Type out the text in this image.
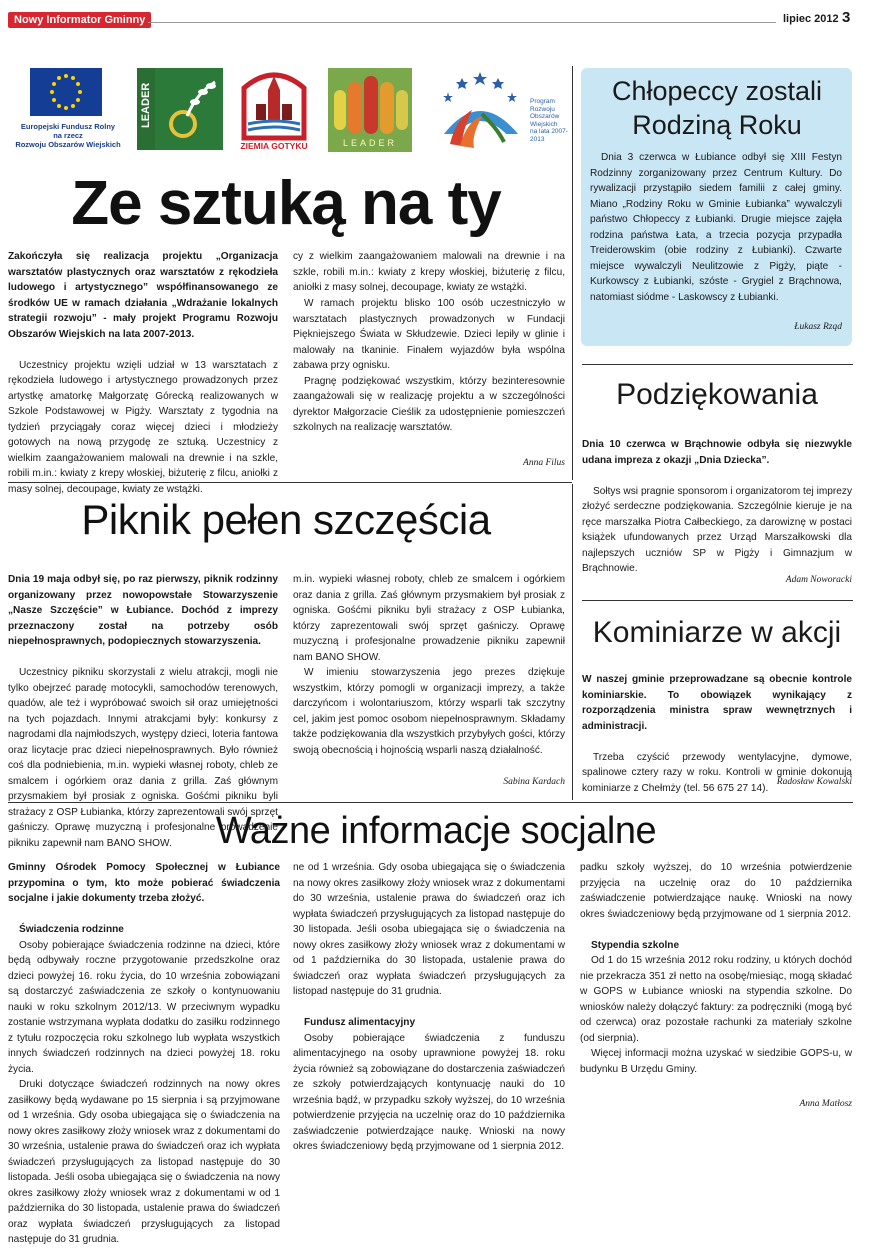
Nowy Informator Gminny	lipiec 2012 3
Europejski Fundusz Rolny
na rzecz
Rozwoju Obszarów Wiejskich
LEADER
ZIEMIA GOTYKU	LEADER
Program
Rozwoju
Obszarów
Wiejskich
na lata 2007-2013
Ze sztuką na ty

Zakończyła się realizacja projektu „Organizacja warsztatów plastycznych oraz warsztatów z rękodzieła ludowego i artystycznego” współfinansowanego ze środków UE w ramach działania „Wdrażanie lokalnych strategii rozwoju” - mały projekt Programu Rozwoju Obszarów Wiejskich na lata 2007-2013.

Uczestnicy projektu wzięli udział w 13 warsztatach z rękodzieła ludowego i artystycznego prowadzonych przez artystkę amatorkę Małgorzatę Górecką realizowanych w Szkole Podstawowej w Pigży. Warsztaty z tygodnia na tydzień przyciągały coraz więcej dzieci i młodzieży gotowych na nową przygodę ze sztuką. Uczestnicy z wielkim zaangażowaniem malowali na drewnie i na szkle, robili m.in.: kwiaty z krepy włoskiej, biżuterię z filcu, aniołki z masy solnej, decoupage, kwiaty ze wstążki.

cy z wielkim zaangażowaniem malowali na drewnie i na szkle, robili m.in.: kwiaty z krepy włoskiej, biżuterię z filcu, aniołki z masy solnej, decoupage, kwiaty ze wstążki.

W ramach projektu blisko 100 osób uczestniczyło w warsztatach plastycznych prowadzonych w Fundacji Piękniejszego Świata w Skłudzewie. Dzieci lepiły w glinie i malowały na tkaninie. Finałem wyjazdów była wspólna zabawa przy ognisku.

Pragnę podziękować wszystkim, którzy bezinteresownie zaangażowali się w realizację projektu a w szczególności dyrektor Małgorzacie Cieślik za udostępnienie pomieszczeń szkolnych na realizację warsztatów.

Anna Filus
Chłopeccy zostali Rodziną Roku

Dnia 3 czerwca w Łubiance odbył się XIII Festyn Rodzinny zorganizowany przez Centrum Kultury. Do rywalizacji przystąpiło siedem familii z całej gminy. Miano „Rodziny Roku w Gminie Łubianka” wywalczyli państwo Chłopeccy z Łubianki. Drugie miejsce zajęła rodzina państwa Łata, a trzecia pozycja przypadła Treiderowskim (obie rodziny z Łubianki). Czwarte miejsce wywalczyli Neulitzowie z Pigży, piąte - Kurkowscy z Łubianki, szóste - Grygiel z Brąchnowa, natomiast siódme - Laskowscy z Łubianki.

Łukasz Rząd
Podziękowania

Dnia 10 czerwca w Brąchnowie odbyła się niezwykle udana impreza z okazji „Dnia Dziecka”.

Sołtys wsi pragnie sponsorom i organizatorom tej imprezy złożyć serdeczne podziękowania. Szczególnie kieruje je na ręce marszałka Piotra Całbeckiego, za darowiznę w postaci książek ufundowanych przez Urząd Marszałkowski dla najlepszych uczniów SP w Pigży i Gimnazjum w Brąchnowie.

Adam Noworacki
Piknik pełen szczęścia

Dnia 19 maja odbył się, po raz pierwszy, piknik rodzinny organizowany przez nowopowstałe Stowarzyszenie „Nasze Szczęście” w Łubiance. Dochód z imprezy przeznaczony został na potrzeby osób niepełnosprawnych, podopiecznych stowarzyszenia.

Uczestnicy pikniku skorzystali z wielu atrakcji, mogli nie tylko obejrzeć paradę motocykli, samochodów terenowych, quadów, ale też i wypróbować swoich sił oraz umiejętności na tych pojazdach. Innymi atrakcjami były: konkursy z nagrodami dla najmłodszych, występy dzieci, loteria fantowa oraz licytacje prac dzieci niepełnosprawnych. Było również coś dla podniebienia, m.in. wypieki własnej roboty, chleb ze smalcem i ogórkiem oraz dania z grilla. Zaś głównym przysmakiem był prosiak z ogniska. Gośćmi pikniku byli strażacy z OSP Łubianka, którzy zaprezentowali swój sprzęt gaśniczy. Oprawę muzyczną i profesjonalne prowadzenie pikniku zapewnił nam BANO SHOW.

m.in. wypieki własnej roboty, chleb ze smalcem i ogórkiem oraz dania z grilla. Zaś głównym przysmakiem był prosiak z ogniska. Gośćmi pikniku byli strażacy z OSP Łubianka, którzy zaprezentowali swój sprzęt gaśniczy. Oprawę muzyczną i profesjonalne prowadzenie pikniku zapewnił nam BANO SHOW.

W imieniu stowarzyszenia jego prezes dziękuje wszystkim, którzy pomogli w organizacji imprezy, a także darczyńcom i wolontariuszom, którzy wsparli tak szczytny cel, jakim jest pomoc osobom niepełnosprawnym. Składamy także podziękowania dla wszystkich przybyłych gości, którzy swoją obecnością i hojnością wsparli naszą działalność.

Sabina Kardach
Kominiarze w akcji

W naszej gminie przeprowadzane są obecnie kontrole kominiarskie. To obowiązek wynikający z rozporządzenia ministra spraw wewnętrznych i administracji.

Trzeba czyścić przewody wentylacyjne, dymowe, spalinowe cztery razy w roku. Kontroli w gminie dokonują kominiarze z Chełmży (tel. 56 675 27 14).

Radosław Kowalski
Ważne informacje socjalne

Gminny Ośrodek Pomocy Społecznej w Łubiance przypomina o tym, kto może pobierać świadczenia socjalne i jakie dokumenty trzeba złożyć.

Świadczenia rodzinne

Osoby pobierające świadczenia rodzinne na dzieci, które będą odbywały roczne przygotowanie przedszkolne oraz dzieci powyżej 16. roku życia, do 10 września zobowiązani są dostarczyć zaświadczenia ze szkoły o kontynuowaniu nauki w roku szkolnym 2012/13. W przeciwnym wypadku zostanie wstrzymana wypłata dodatku do zasiłku rodzinnego z tytułu rozpoczęcia roku szkolnego lub wypłata wszystkich innych świadczeń rodzinnych na dzieci powyżej 18. roku życia.

Druki dotyczące świadczeń rodzinnych na nowy okres zasiłkowy będą wydawane po 15 sierpnia i są przyjmowane od 1 września. Gdy osoba ubiegająca się o świadczenia na nowy okres zasiłkowy złoży wniosek wraz z dokumentami do 30 września, ustalenie prawa do świadczeń oraz ich wypłata świadczeń przysługujących za listopad następuje do 30 listopada. Jeśli osoba ubiegająca się o świadczenia na nowy okres zasiłkowy złoży wniosek wraz z dokumentami w od 1 października do 30 listopada, ustalenie prawa do świadczeń oraz wypłata świadczeń przysługujących za listopad następuje do 31 grudnia.

ne od 1 września. Gdy osoba ubiegająca się o świadczenia na nowy okres zasiłkowy złoży wniosek wraz z dokumentami do 30 września, ustalenie prawa do świadczeń oraz ich wypłata świadczeń przysługujących za listopad następuje do 30 listopada. Jeśli osoba ubiegająca się o świadczenia na nowy okres zasiłkowy złoży wniosek wraz z dokumentami w od 1 października do 30 listopada, ustalenie prawa do świadczeń oraz wypłata świadczeń przysługujących za listopad następuje do 31 grudnia.

Fundusz alimentacyjny

Osoby pobierające świadczenia z funduszu alimentacyjnego na osoby uprawnione powyżej 18. roku życia również są zobowiązane do dostarczenia zaświadczeń ze szkoły potwierdzających kontynuację nauki do 10 września bądź, w przypadku szkoły wyższej, do 10 września potwierdzenie przyjęcia na uczelnię oraz do 10 października zaświadczenie potwierdzające naukę. Wnioski na nowy okres świadczeniowy będą przyjmowane od 1 sierpnia 2012.

padku szkoły wyższej, do 10 września potwierdzenie przyjęcia na uczelnię oraz do 10 października zaświadczenie potwierdzające naukę. Wnioski na nowy okres świadczeniowy będą przyjmowane od 1 sierpnia 2012.

Stypendia szkolne

Od 1 do 15 września 2012 roku rodziny, u których dochód nie przekracza 351 zł netto na osobę/miesiąc, mogą składać w GOPS w Łubiance wnioski na stypendia szkolne. Do wniosków należy dołączyć faktury: za podręczniki (mogą być od czerwca) oraz pozostałe rachunki za materiały szkolne (od sierpnia).

Więcej informacji można uzyskać w siedzibie GOPS-u, w budynku B Urzędu Gminy.

Anna Matłosz
